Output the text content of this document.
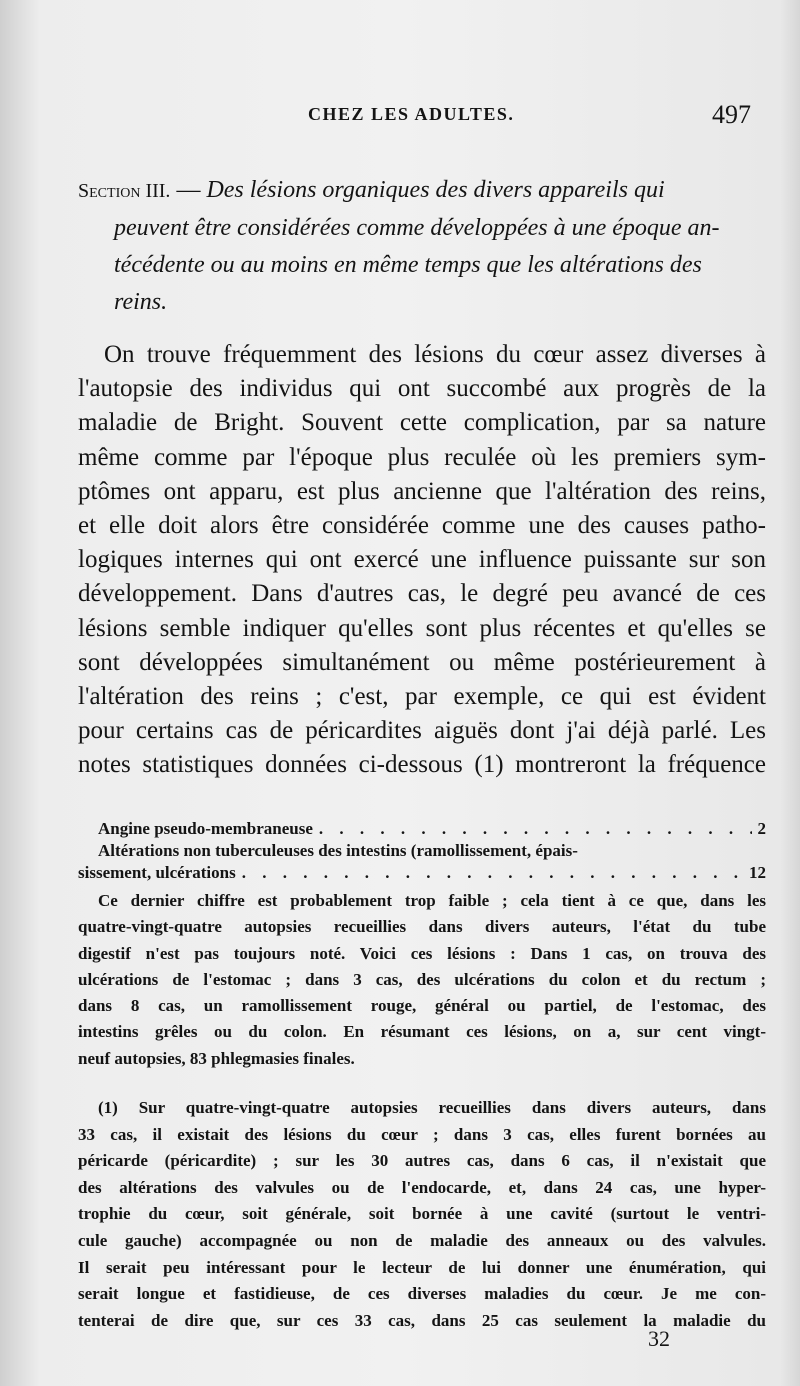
CHEZ LES ADULTES.	497
Section III. — Des lésions organiques des divers appareils qui
peuvent être considérées comme développées à une époque an-
técédente ou au moins en même temps que les altérations des
reins.
On trouve fréquemment des lésions du cœur assez diverses à
l'autopsie des individus qui ont succombé aux progrès de la
maladie de Bright. Souvent cette complication, par sa nature
même comme par l'époque plus reculée où les premiers sym-
ptômes ont apparu, est plus ancienne que l'altération des reins,
et elle doit alors être considérée comme une des causes patho-
logiques internes qui ont exercé une influence puissante sur son
développement. Dans d'autres cas, le degré peu avancé de ces
lésions semble indiquer qu'elles sont plus récentes et qu'elles se
sont développées simultanément ou même postérieurement à
l'altération des reins ; c'est, par exemple, ce qui est évident
pour certains cas de péricardites aiguës dont j'ai déjà parlé. Les
notes statistiques données ci-dessous (1) montreront la fréquence
Angine pseudo-membraneuse . . .	2
Altérations non tuberculeuses des intestins (ramollissement, épais-
sissement, ulcérations . . .	12
Ce dernier chiffre est probablement trop faible ; cela tient à ce que, dans les
quatre-vingt-quatre autopsies recueillies dans divers auteurs, l'état du tube
digestif n'est pas toujours noté. Voici ces lésions : Dans 1 cas, on trouva des
ulcérations de l'estomac ; dans 3 cas, des ulcérations du colon et du rectum ;
dans 8 cas, un ramollissement rouge, général ou partiel, de l'estomac, des
intestins grêles ou du colon. En résumant ces lésions, on a, sur cent vingt-
neuf autopsies, 83 phlegmasies finales.
(1) Sur quatre-vingt-quatre autopsies recueillies dans divers auteurs, dans
33 cas, il existait des lésions du cœur ; dans 3 cas, elles furent bornées au
péricarde (péricardite) ; sur les 30 autres cas, dans 6 cas, il n'existait que
des altérations des valvules ou de l'endocarde, et, dans 24 cas, une hyper-
trophie du cœur, soit générale, soit bornée à une cavité (surtout le ventri-
cule gauche) accompagnée ou non de maladie des anneaux ou des valvules.
Il serait peu intéressant pour le lecteur de lui donner une énumération, qui
serait longue et fastidieuse, de ces diverses maladies du cœur. Je me con-
tenterai de dire que, sur ces 33 cas, dans 25 cas seulement la maladie du
32
